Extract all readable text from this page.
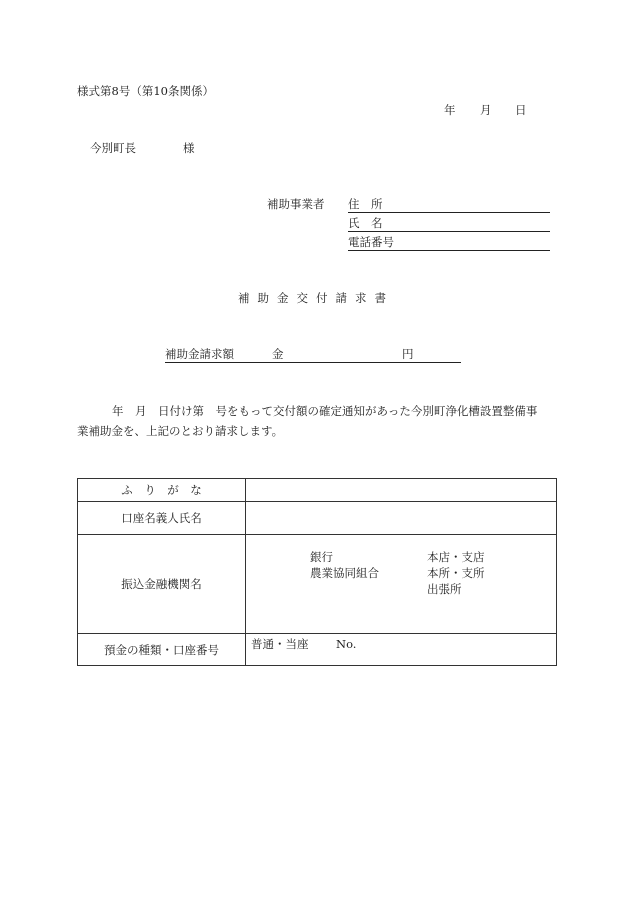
様式第8号（第10条関係）
年 月 日
今別町長	様
補助事業者 住　所
氏　名
電話番号
補助金交付請求書
補助金請求額	金	円
年　月　日付け第　号をもって交付額の確定通知があった今別町浄化槽設置整備事
業補助金を、上記のとおり請求します。
ふ　り　が　な	
口座名義人氏名	
振込金融機関名	銀行
農業協同組合
本店・支店
本所・支所
出張所

預金の種類・口座番号	普通・当座 No.
